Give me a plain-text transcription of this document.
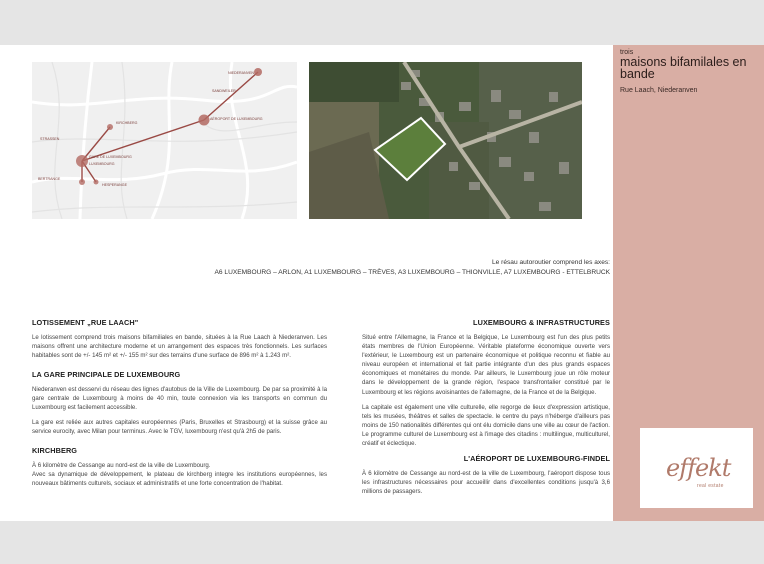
trois
maisons bifamilales en bande
Rue Laach, Niederanven
effekt
real estate
NIEDERANVEN
SANDWEILER
KIRCHBERG
AÉROPORT DE LUXEMBOURG
GARE DE LUXEMBOURG
LUXEMBOURG
HESPERANGE
BERTRANGE
STRASSEN
Le résau autoroutier comprend les axes:
A6 LUXEMBOURG – ARLON, A1 LUXEMBOURG – TRÈVES, A3 LUXEMBOURG – THIONVILLE, A7 LUXEMBOURG - ETTELBRUCK
LOTISSEMENT „RUE LAACH"

Le lotissement comprend trois maisons bifamiliales en bande, situées à la Rue Laach à Niederanven. Les maisons offrent une architecture moderne et un arrangement des espaces très fonctionnels. Les surfaces habitables sont de +/- 145 m² et +/- 155 m² sur des terrains d'une surface de 896 m² à 1.243 m².

LA GARE PRINCIPALE DE LUXEMBOURG

Niederanven est desservi du réseau des lignes d'autobus de la Ville de Luxembourg. De par sa proximité à la gare centrale de Luxembourg à moins de 40 min, toute connexion via les transports en commun du Luxembourg est facilement accessible.

La gare est reliée aux autres capitales européennes (Paris, Bruxelles et Strasbourg) et la suisse grâce au service eurocity, avec Milan pour terminus. Avec le TGV, luxembourg n'est qu'à 2h5 de paris.

KIRCHBERG

À 6 kilomètre de Cessange au nord-est de la ville de Luxembourg.

Avec sa dynamique de développement, le plateau de kirchberg integre les institutions européennes, les nouveaux bâtiments culturels, sociaux et administratifs et une forte concentration de l'habitat.

LUXEMBOURG & INFRASTRUCTURES

Situé entre l'Allemagne, la France et la Belgique, Le Luxembourg est l'un des plus petits états membres de l'Union Européenne. Véritable plateforme économique ouverte vers l'extérieur, le Luxembourg est un partenaire économique et politique reconnu et fiable au niveau européen et international et fait partie intégrante d'un des plus grands espaces économiques et monétaires du monde. Par ailleurs, le Luxembourg joue un rôle moteur dans le développement de la grande région, l'espace transfrontalier constitué par le Luxembourg et les régions avoisinantes de l'allemagne, de la France et de la Belgique.

La capitale est également une ville culturelle, elle regorge de lieux d'expression artistique, tels les musées, théâtres et salles de spectacle. le centre du pays n'héberge d'ailleurs pas moins de 150 nationalités différentes qui ont élu domicile dans une ville au cœur de l'action. Le programme culturel de Luxembourg est à l'image des citadins : multilingue, multiculturel, créatif et éclectique.

L'AÉROPORT DE LUXEMBOURG-FINDEL

À 6 kilomètre de Cessange au nord-est de la ville de Luxembourg, l'aéroport dispose tous les infrastructures nécessaires pour accueillir dans d'excellentes conditions jusqu'à 3,6 millions de passagers.
